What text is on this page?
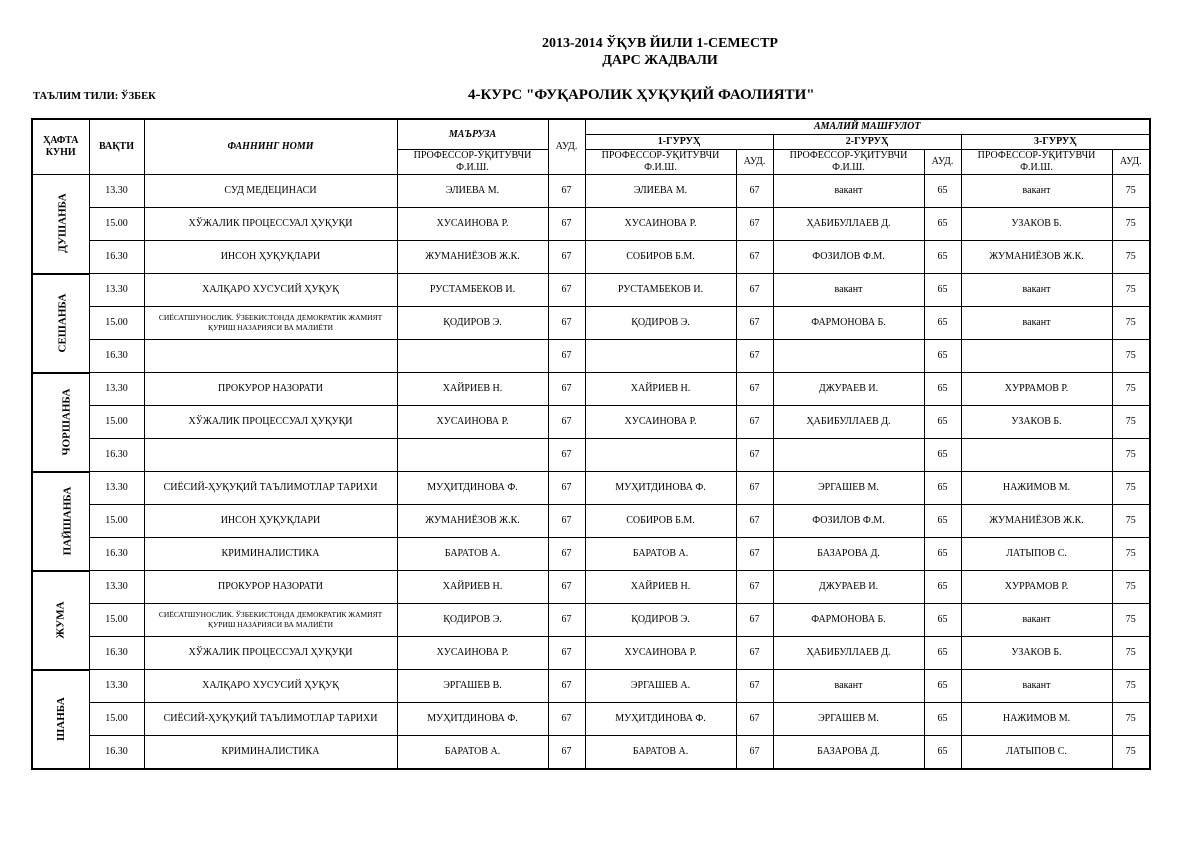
2013-2014 ЎҚУВ ЙИЛИ 1-СЕМЕСТР
ДАРС ЖАДВАЛИ
ТАЪЛИМ ТИЛИ: ЎЗБЕК	4-КУРС "ФУҚАРОЛИК ҲУҚУҚИЙ ФАОЛИЯТИ"
ҲАФТА КУНИ	ВАҚТИ	ФАННИНГ НОМИ	МАЪРУЗА	АУД.	АМАЛИЙ МАШҒУЛОТ					
					1-ГУРУҲ		2-ГУРУҲ		3-ГУРУҲ	
			ПРОФЕССОР-ЎҚИТУВЧИ Ф.И.Ш.		ПРОФЕССОР-ЎҚИТУВЧИ Ф.И.Ш.	АУД.	ПРОФЕССОР-ЎҚИТУВЧИ Ф.И.Ш.	АУД.	ПРОФЕССОР-ЎҚИТУВЧИ Ф.И.Ш.	АУД.
ДУШАНБА	13.30	СУД МЕДЕЦИНАСИ	ЭЛИЕВА М.	67	ЭЛИЕВА М.	67	вакант	65	вакант	75
	15.00	ХЎЖАЛИК ПРОЦЕССУАЛ ҲУҚУҚИ	ХУСАИНОВА Р.	67	ХУСАИНОВА Р.	67	ҲАБИБУЛЛАЕВ Д.	65	УЗАКОВ Б.	75
	16.30	ИНСОН ҲУҚУҚЛАРИ	ЖУМАНИЁЗОВ Ж.К.	67	СОБИРОВ Б.М.	67	ФОЗИЛОВ Ф.М.	65	ЖУМАНИЁЗОВ Ж.К.	75
СЕШАНБА	13.30	ХАЛҚАРО ХУСУСИЙ ҲУҚУҚ	РУСТАМБЕКОВ И.	67	РУСТАМБЕКОВ И.	67	вакант	65	вакант	75
	15.00	СИЁСАТШУНОСЛИК. ЎЗБЕКИСТОНДА ДЕМОКРАТИК ЖАМИЯТ ҚУРИШ НАЗАРИЯСИ ВА МАЛИЁТИ	ҚОДИРОВ Э.	67	ҚОДИРОВ Э.	67	ФАРМОНОВА Б.	65	вакант	75
	16.30			67		67		65		75
ЧОРШАНБА	13.30	ПРОКУРОР НАЗОРАТИ	ХАЙРИЕВ Н.	67	ХАЙРИЕВ Н.	67	ДЖУРАЕВ И.	65	ХУРРАМОВ Р.	75
	15.00	ХЎЖАЛИК ПРОЦЕССУАЛ ҲУҚУҚИ	ХУСАИНОВА Р.	67	ХУСАИНОВА Р.	67	ҲАБИБУЛЛАЕВ Д.	65	УЗАКОВ Б.	75
	16.30			67		67		65		75
ПАЙШАНБА	13.30	СИЁСИЙ-ҲУҚУҚИЙ ТАЪЛИМОТЛАР ТАРИХИ	МУҲИТДИНОВА Ф.	67	МУҲИТДИНОВА Ф.	67	ЭРГАШЕВ М.	65	НАЖИМОВ М.	75
	15.00	ИНСОН ҲУҚУҚЛАРИ	ЖУМАНИЁЗОВ Ж.К.	67	СОБИРОВ Б.М.	67	ФОЗИЛОВ Ф.М.	65	ЖУМАНИЁЗОВ Ж.К.	75
	16.30	КРИМИНАЛИСТИКА	БАРАТОВ А.	67	БАРАТОВ А.	67	БАЗАРОВА Д.	65	ЛАТЫПОВ С.	75
ЖУМА	13.30	ПРОКУРОР НАЗОРАТИ	ХАЙРИЕВ Н.	67	ХАЙРИЕВ Н.	67	ДЖУРАЕВ И.	65	ХУРРАМОВ Р.	75
	15.00	СИЁСАТШУНОСЛИК. ЎЗБЕКИСТОНДА ДЕМОКРАТИК ЖАМИЯТ ҚУРИШ НАЗАРИЯСИ ВА МАЛИЁТИ	ҚОДИРОВ Э.	67	ҚОДИРОВ Э.	67	ФАРМОНОВА Б.	65	вакант	75
	16.30	ХЎЖАЛИК ПРОЦЕССУАЛ ҲУҚУҚИ	ХУСАИНОВА Р.	67	ХУСАИНОВА Р.	67	ҲАБИБУЛЛАЕВ Д.	65	УЗАКОВ Б.	75
ШАНБА	13.30	ХАЛҚАРО ХУСУСИЙ ҲУҚУҚ	ЭРГАШЕВ В.	67	ЭРГАШЕВ А.	67	вакант	65	вакант	75
	15.00	СИЁСИЙ-ҲУҚУҚИЙ ТАЪЛИМОТЛАР ТАРИХИ	МУҲИТДИНОВА Ф.	67	МУҲИТДИНОВА Ф.	67	ЭРГАШЕВ М.	65	НАЖИМОВ М.	75
	16.30	КРИМИНАЛИСТИКА	БАРАТОВ А.	67	БАРАТОВ А.	67	БАЗАРОВА Д.	65	ЛАТЫПОВ С.	75
